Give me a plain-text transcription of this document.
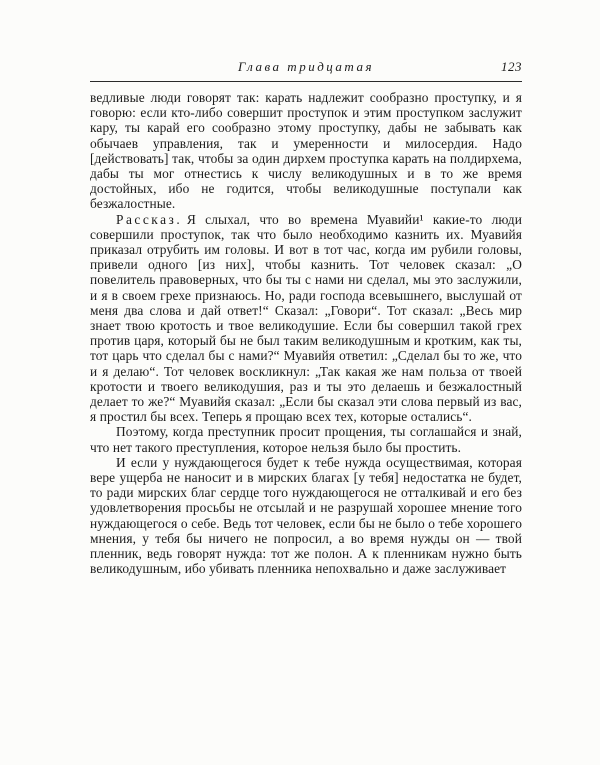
Глава тридцатая	123

ведливые люди говорят так: карать надлежит сообразно проступку, и я говорю: если кто-либо совершит проступок и этим проступком заслужит кару, ты карай его сообразно этому проступку, дабы не забывать как обычаев управления, так и умеренности и милосердия. Надо [действовать] так, чтобы за один дирхем проступка карать на полдирхема, дабы ты мог отнестись к числу великодушных и в то же время достойных, ибо не годится, чтобы великодушные поступали как безжалостные.

Рассказ. Я слыхал, что во времена Муавийи¹ какие-то люди совершили проступок, так что было необходимо казнить их. Муавийя приказал отрубить им головы. И вот в тот час, когда им рубили головы, привели одного [из них], чтобы казнить. Тот человек сказал: „О повелитель правоверных, что бы ты с нами ни сделал, мы это заслужили, и я в своем грехе признаюсь. Но, ради господа всевышнего, выслушай от меня два слова и дай ответ!“ Сказал: „Говори“. Тот сказал: „Весь мир знает твою кротость и твое великодушие. Если бы совершил такой грех против царя, который бы не был таким великодушным и кротким, как ты, тот царь что сделал бы с нами?“ Муавийя ответил: „Сделал бы то же, что и я делаю“. Тот человек воскликнул: „Так какая же нам польза от твоей кротости и твоего великодушия, раз и ты это делаешь и безжалостный делает то же?“ Муавийя сказал: „Если бы сказал эти слова первый из вас, я простил бы всех. Теперь я прощаю всех тех, которые остались“.

Поэтому, когда преступник просит прощения, ты соглашайся и знай, что нет такого преступления, которое нельзя было бы простить.

И если у нуждающегося будет к тебе нужда осуществимая, которая вере ущерба не наносит и в мирских благах [у тебя] недостатка не будет, то ради мирских благ сердце того нуждающегося не отталкивай и его без удовлетворения просьбы не отсылай и не разрушай хорошее мнение того нуждающегося о себе. Ведь тот человек, если бы не было о тебе хорошего мнения, у тебя бы ничего не попросил, а во время нужды он — твой пленник, ведь говорят нужда: тот же полон. А к пленникам нужно быть великодушным, ибо убивать пленника непохвально и даже заслуживает
